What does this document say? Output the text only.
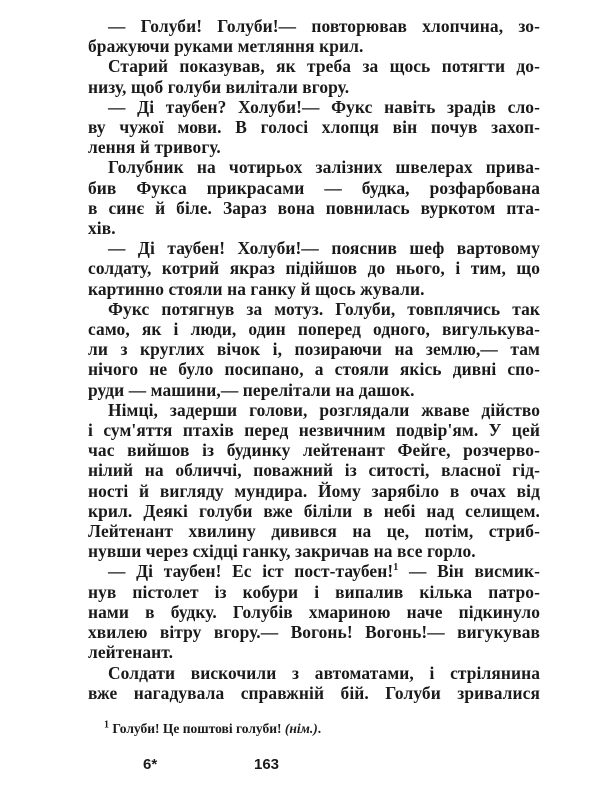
— Голуби! Голуби!— повторював хлопчина, зо-
бражуючи руками метляння крил.

Старий показував, як треба за щось потягти до-
низу, щоб голуби вилітали вгору.

— Ді таубен? Холуби!— Фукс навіть зрадів сло-
ву чужої мови. В голосі хлопця він почув захоп-
лення й тривогу.

Голубник на чотирьох залізних швелерах прива-
бив Фукса прикрасами — будка, розфарбована
в синє й біле. Зараз вона повнилась вуркотом пта-
хів.

— Ді таубен! Холуби!— пояснив шеф вартовому
солдату, котрий якраз підійшов до нього, і тим, що
картинно стояли на ганку й щось жували.

Фукс потягнув за мотуз. Голуби, товплячись так
само, як і люди, один поперед одного, вигулькува-
ли з круглих вічок і, позираючи на землю,— там
нічого не було посипано, а стояли якісь дивні спо-
руди — машини,— перелітали на дашок.

Німці, задерши голови, розглядали жваве дійство
і сум'яття птахів перед незвичним подвір'ям. У цей
час вийшов із будинку лейтенант Фейге, розчерво-
нілий на обличчі, поважний із ситості, власної гід-
ності й вигляду мундира. Йому зарябіло в очах від
крил. Деякі голуби вже біліли в небі над селищем.
Лейтенант хвилину дивився на це, потім, стриб-
нувши через східці ганку, закричав на все горло.

— Ді таубен! Ес іст пост-таубен!$^1$ — Він висмик-
нув пістолет із кобури і випалив кілька патро-
нами в будку. Голубів хмариною наче підкинуло
хвилею вітру вгору.— Вогонь! Вогонь!— вигукував
лейтенант.

Солдати вискочили з автоматами, і стрілянина
вже нагадувала справжній бій. Голуби зривалися

$^1$ Голуби! Це поштові голуби! (нім.).
6*	163
